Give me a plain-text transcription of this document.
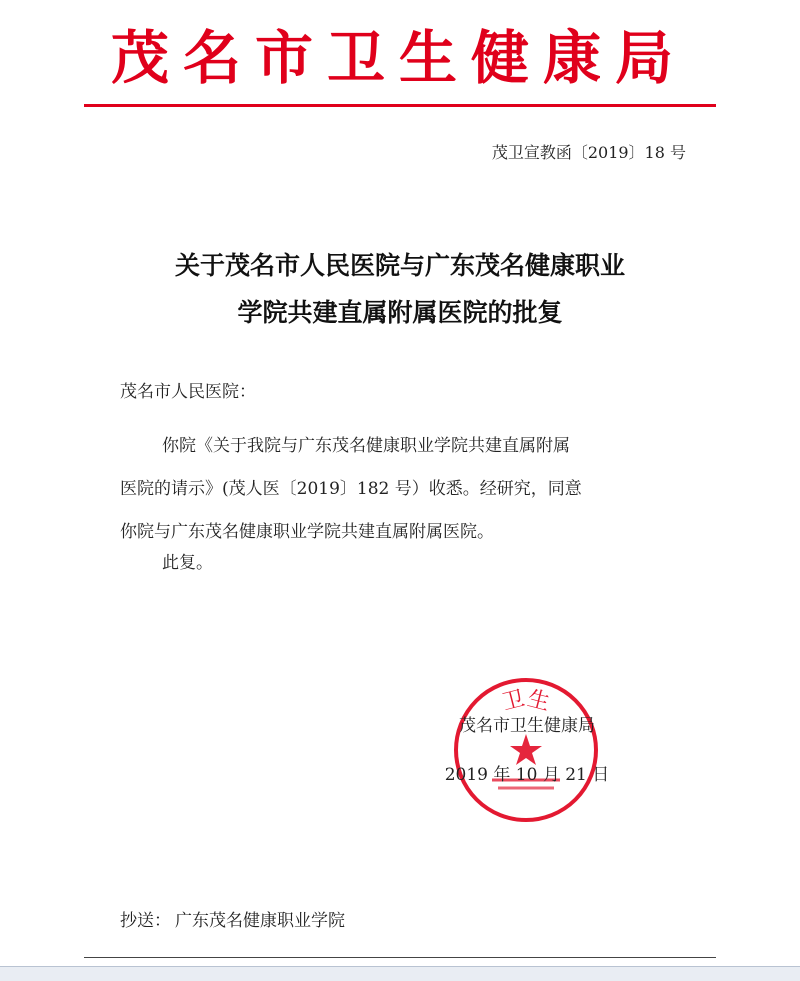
茂名市卫生健康局
茂卫宣教函〔2019〕18 号
关于茂名市人民医院与广东茂名健康职业
学院共建直属附属医院的批复
茂名市人民医院：
你院《关于我院与广东茂名健康职业学院共建直属附属
医院的请示》(茂人医〔2019〕182 号）收悉。经研究，同意
你院与广东茂名健康职业学院共建直属附属医院。
此复。
卫生
茂名市卫生健康局
2019 年 10 月 21 日
抄送： 广东茂名健康职业学院
